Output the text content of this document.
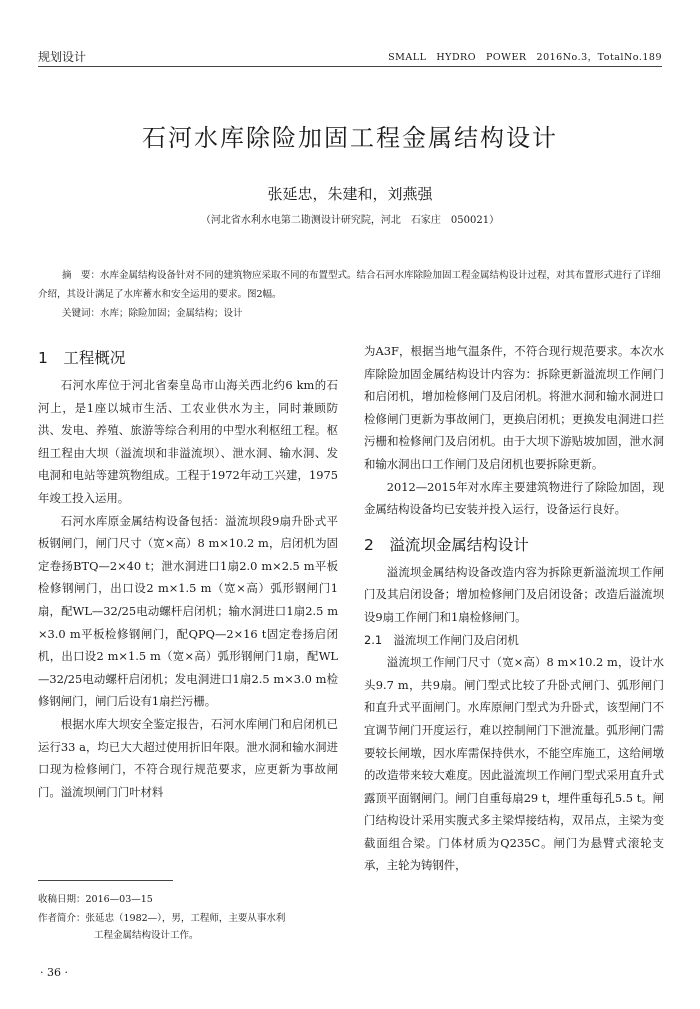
规划设计	SMALL　HYDRO　POWER　2016No.3，TotalNo.189
石河水库除险加固工程金属结构设计
张延忠，朱建和，刘燕强
（河北省水利水电第二勘测设计研究院，河北　石家庄　050021）
摘　要：水库金属结构设备针对不同的建筑物应采取不同的布置型式。结合石河水库除险加固工程金属结构设计过程，对其布置形式进行了详细介绍，其设计满足了水库蓄水和安全运用的要求。图2幅。
关键词：水库；除险加固；金属结构；设计
1　工程概况

石河水库位于河北省秦皇岛市山海关西北约6 km的石河上，是1座以城市生活、工农业供水为主，同时兼顾防洪、发电、养殖、旅游等综合利用的中型水利枢纽工程。枢纽工程由大坝（溢流坝和非溢流坝）、泄水洞、输水洞、发电洞和电站等建筑物组成。工程于1972年动工兴建，1975年竣工投入运用。

石河水库原金属结构设备包括：溢流坝段9扇升卧式平板钢闸门，闸门尺寸（宽×高）8 m×10.2 m，启闭机为固定卷扬BTQ—2×40 t；泄水洞进口1扇2.0 m×2.5 m平板检修钢闸门，出口设2 m×1.5 m（宽×高）弧形钢闸门1扇，配WL—32/25电动螺杆启闭机；输水洞进口1扇2.5 m×3.0 m平板检修钢闸门，配QPQ—2×16 t固定卷扬启闭机，出口设2 m×1.5 m（宽×高）弧形钢闸门1扇，配WL—32/25电动螺杆启闭机；发电洞进口1扇2.5 m×3.0 m检修钢闸门，闸门后设有1扇拦污栅。

根据水库大坝安全鉴定报告，石河水库闸门和启闭机已运行33 a，均已大大超过使用折旧年限。泄水洞和输水洞进口现为检修闸门，不符合现行规范要求，应更新为事故闸门。溢流坝闸门门叶材料

为A3F，根据当地气温条件，不符合现行规范要求。本次水库除险加固金属结构设计内容为：拆除更新溢流坝工作闸门和启闭机，增加检修闸门及启闭机。将泄水洞和输水洞进口检修闸门更新为事故闸门，更换启闭机；更换发电洞进口拦污栅和检修闸门及启闭机。由于大坝下游贴坡加固，泄水洞和输水洞出口工作闸门及启闭机也要拆除更新。

2012—2015年对水库主要建筑物进行了除险加固，现金属结构设备均已安装并投入运行，设备运行良好。

2　溢流坝金属结构设计

溢流坝金属结构设备改造内容为拆除更新溢流坝工作闸门及其启闭设备；增加检修闸门及启闭设备；改造后溢流坝设9扇工作闸门和1扇检修闸门。

2.1　溢流坝工作闸门及启闭机

溢流坝工作闸门尺寸（宽×高）8 m×10.2 m，设计水头9.7 m，共9扇。闸门型式比较了升卧式闸门、弧形闸门和直升式平面闸门。水库原闸门型式为升卧式，该型闸门不宜调节闸门开度运行，难以控制闸门下泄流量。弧形闸门需要较长闸墩，因水库需保持供水，不能空库施工，这给闸墩的改造带来较大难度。因此溢流坝工作闸门型式采用直升式露顶平面钢闸门。闸门自重每扇29 t，埋件重每孔5.5 t。闸门结构设计采用实腹式多主梁焊接结构，双吊点，主梁为变截面组合梁。门体材质为Q235C。闸门为悬臂式滚轮支承，主轮为铸钢件，

收稿日期：2016—03—15
作者简介：张延忠（1982—），男，工程师，主要从事水利
工程金属结构设计工作。
· 36 ·
